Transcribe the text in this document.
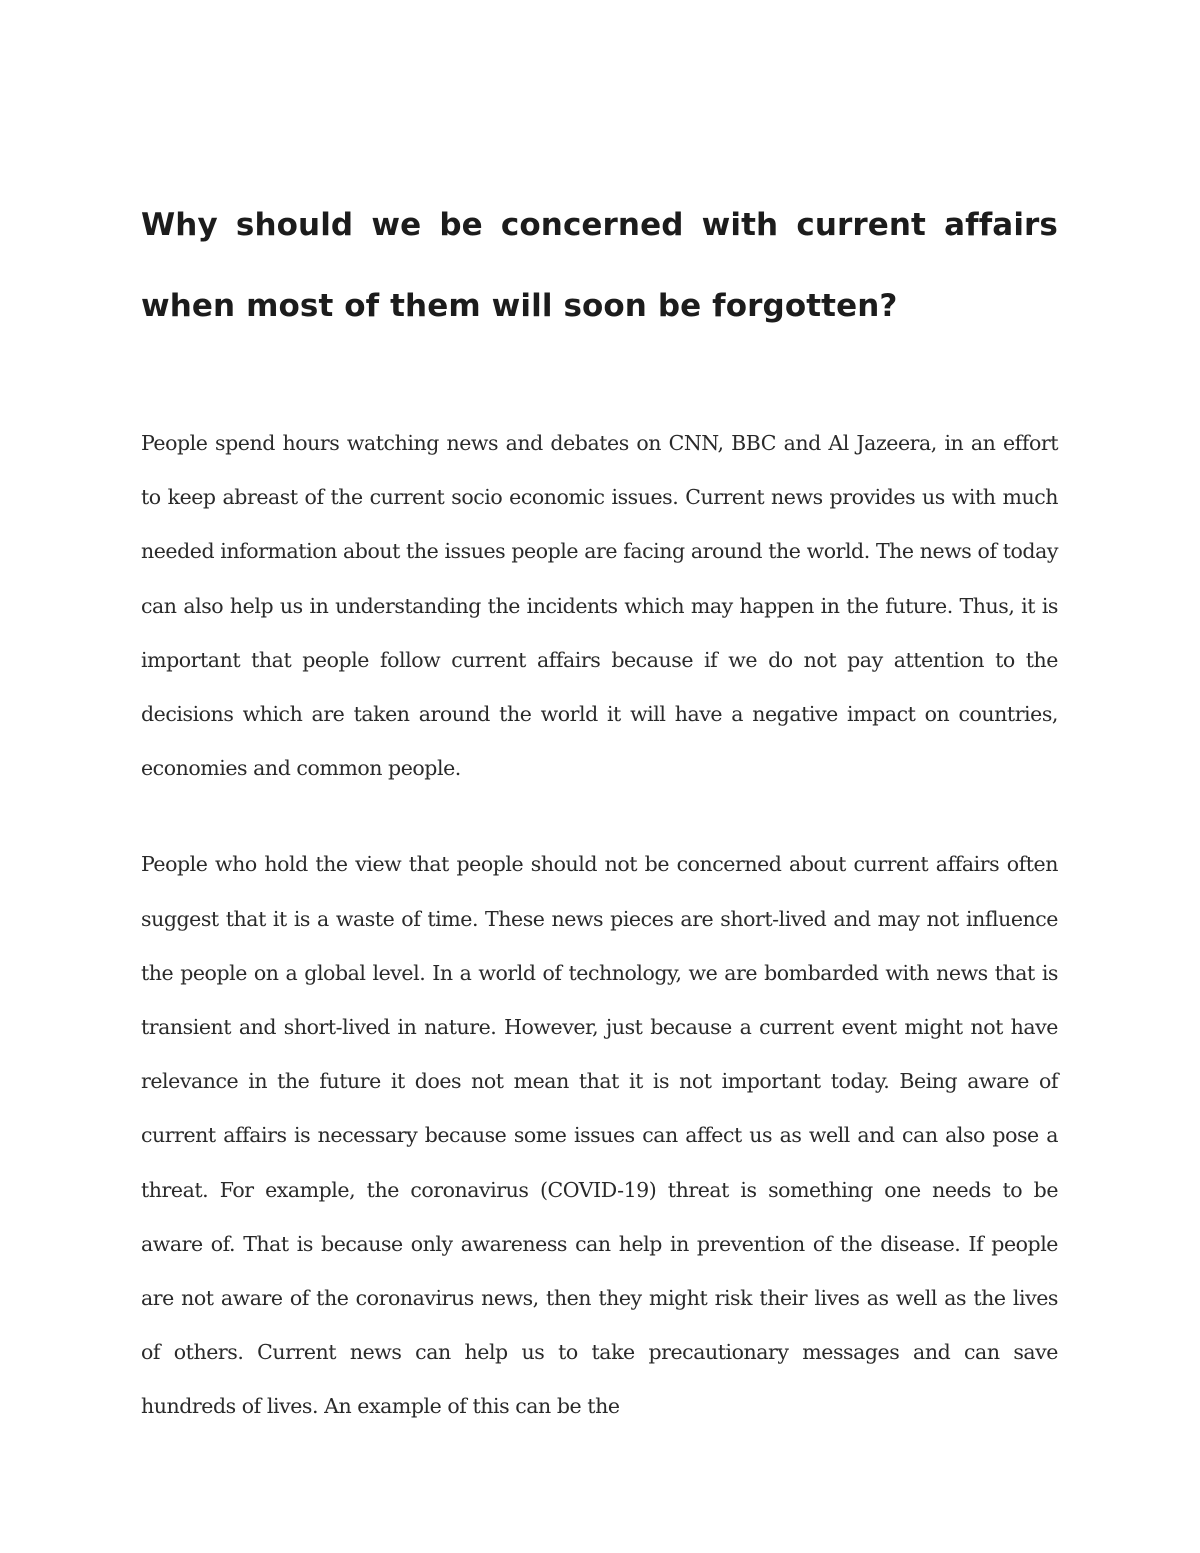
Why should we be concerned with current affairs when most of them will soon be forgotten?

People spend hours watching news and debates on CNN, BBC and Al Jazeera, in an effort to keep abreast of the current socio economic issues. Current news provides us with much needed information about the issues people are facing around the world. The news of today can also help us in understanding the incidents which may happen in the future. Thus, it is important that people follow current affairs because if we do not pay attention to the decisions which are taken around the world it will have a negative impact on countries, economies and common people.

People who hold the view that people should not be concerned about current affairs often suggest that it is a waste of time. These news pieces are short-lived and may not influence the people on a global level. In a world of technology, we are bombarded with news that is transient and short-lived in nature. However, just because a current event might not have relevance in the future it does not mean that it is not important today. Being aware of current affairs is necessary because some issues can affect us as well and can also pose a threat. For example, the coronavirus (COVID-19) threat is something one needs to be aware of. That is because only awareness can help in prevention of the disease. If people are not aware of the coronavirus news, then they might risk their lives as well as the lives of others. Current news can help us to take precautionary messages and can save hundreds of lives. An example of this can be the
